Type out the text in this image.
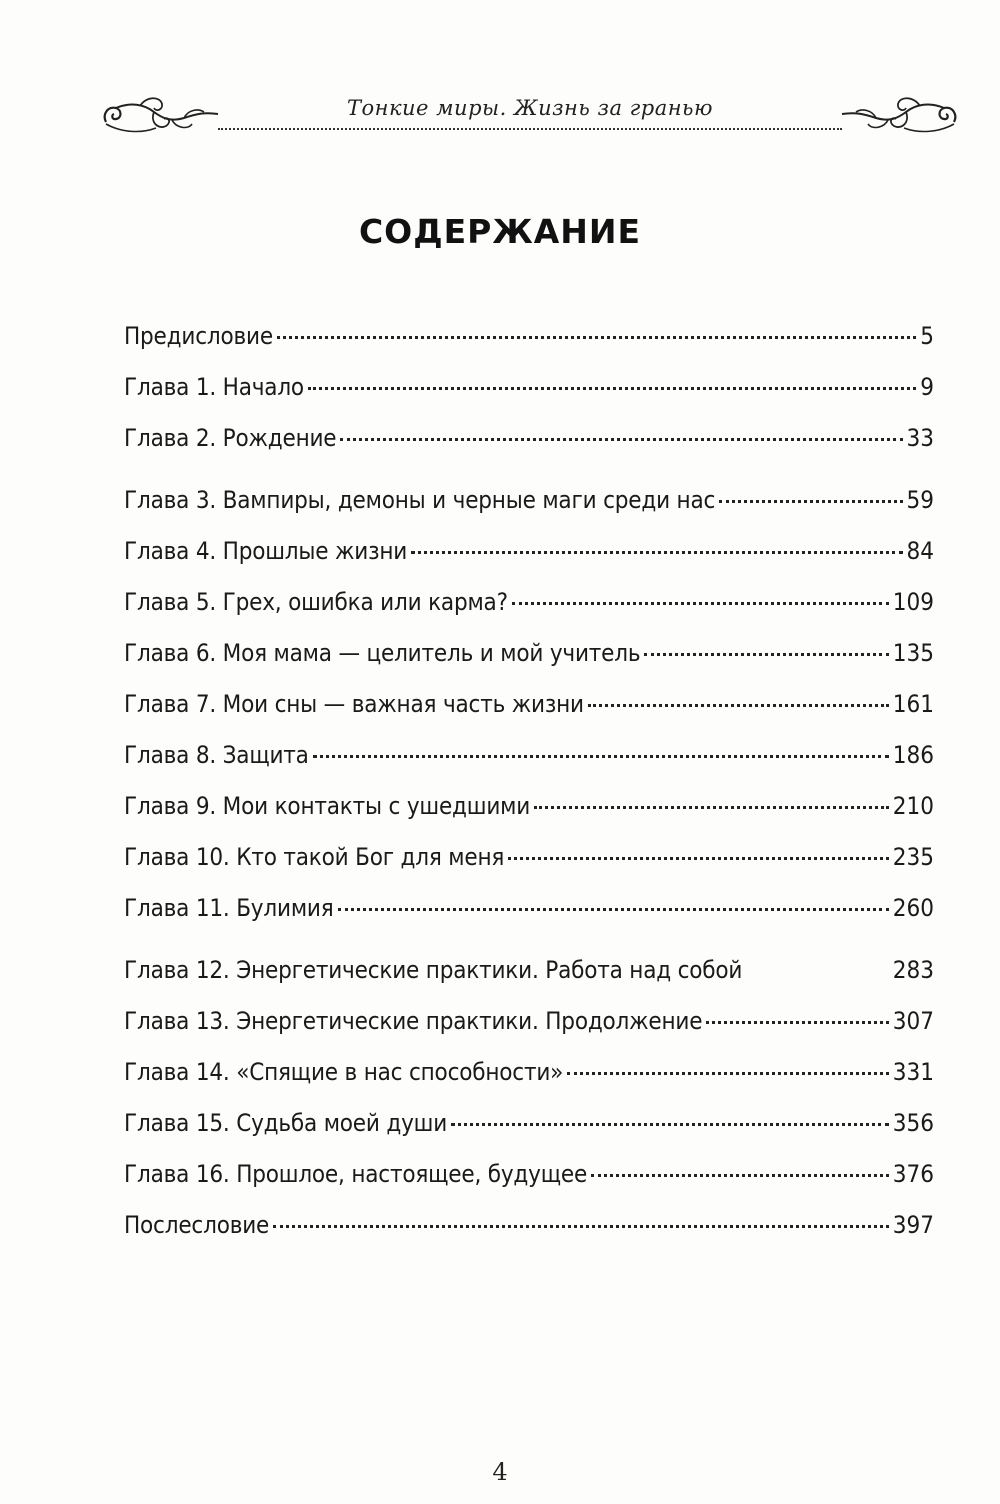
Тонкие миры. Жизнь за гранью
СОДЕРЖАНИЕ
Предисловие	5
Глава 1. Начало	9
Глава 2. Рождение	33
Глава 3. Вампиры, демоны и черные маги среди нас	59
Глава 4. Прошлые жизни	84
Глава 5. Грех, ошибка или карма?	109
Глава 6. Моя мама — целитель и мой учитель	135
Глава 7. Мои сны — важная часть жизни	161
Глава 8. Защита	186
Глава 9. Мои контакты с ушедшими	210
Глава 10. Кто такой Бог для меня	235
Глава 11. Булимия	260
Глава 12. Энергетические практики. Работа над собой	283
Глава 13. Энергетические практики. Продолжение	307
Глава 14. «Спящие в нас способности»	331
Глава 15. Судьба моей души	356
Глава 16. Прошлое, настоящее, будущее	376
Послесловие	397
4
